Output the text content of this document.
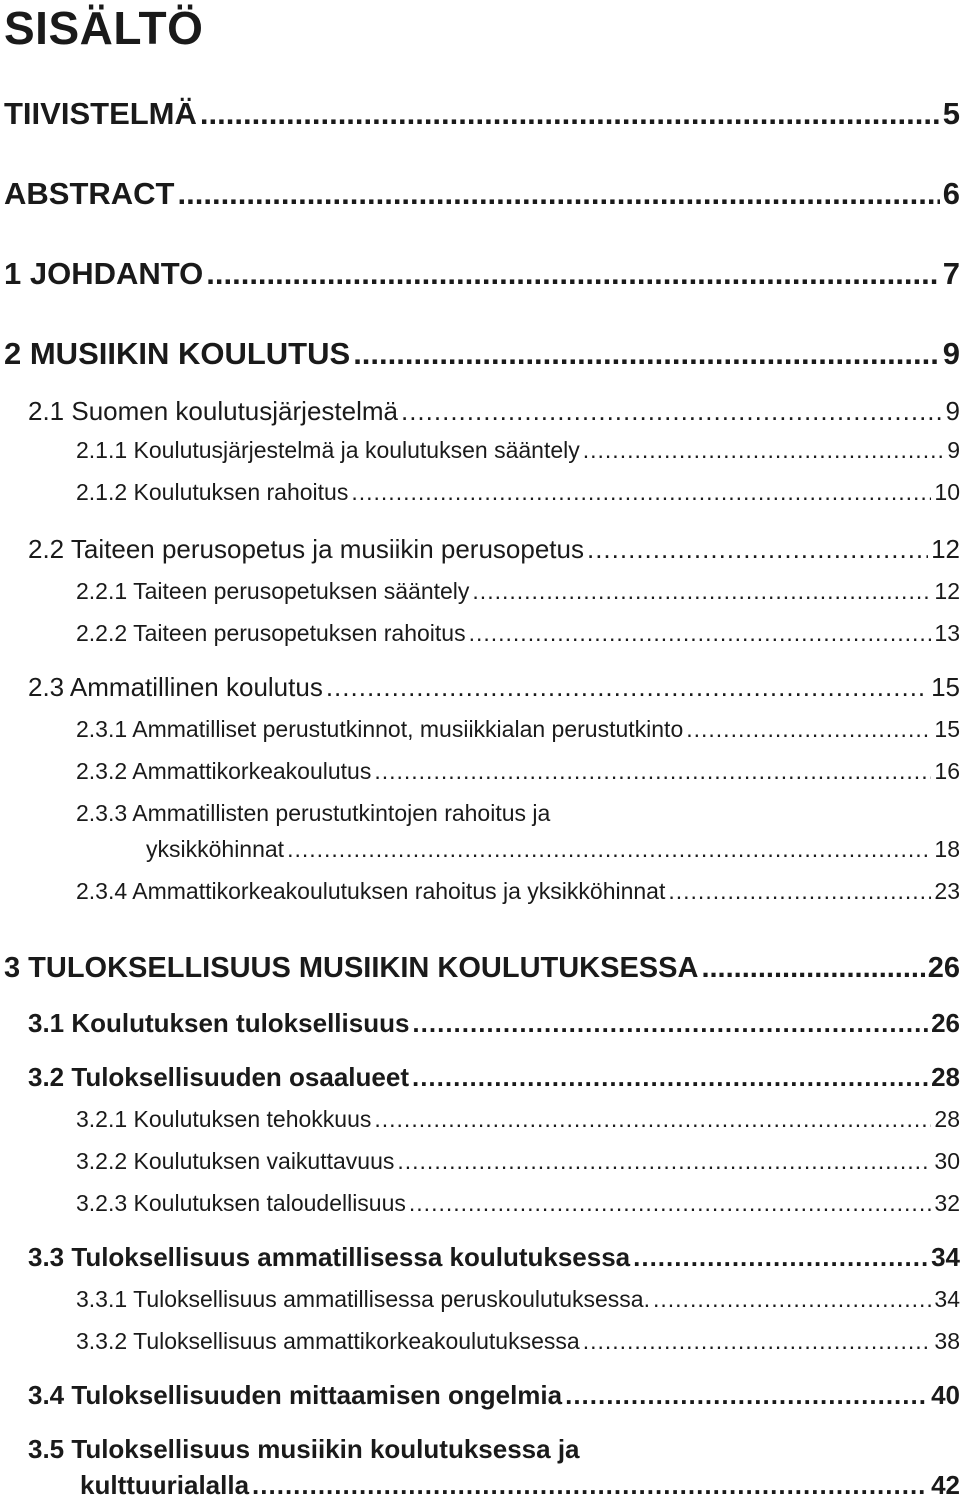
SISÄLTÖ
TIIVISTELMÄ .....	5
ABSTRACT .....	6
1 JOHDANTO .....	7
2 MUSIIKIN KOULUTUS .....	9
2.1 Suomen koulutusjärjestelmä .....	9
2.1.1 Koulutusjärjestelmä ja koulutuksen sääntely .....	9
2.1.2 Koulutuksen rahoitus .....	10
2.2 Taiteen perusopetus ja musiikin perusopetus .....	12
2.2.1 Taiteen perusopetuksen sääntely .....	12
2.2.2 Taiteen perusopetuksen rahoitus .....	13
2.3 Ammatillinen koulutus .....	15
2.3.1 Ammatilliset perustutkinnot, musiikkialan perustutkinto .....	15
2.3.2 Ammattikorkeakoulutus .....	16
2.3.3 Ammatillisten perustutkintojen rahoitus ja
yksikköhinnat .....	18
2.3.4 Ammattikorkeakoulutuksen rahoitus ja yksikköhinnat .....	23
3 TULOKSELLISUUS MUSIIKIN KOULUTUKSESSA .....	26
3.1 Koulutuksen tuloksellisuus .....	26
3.2 Tuloksellisuuden osaalueet .....	28
3.2.1 Koulutuksen tehokkuus .....	28
3.2.2 Koulutuksen vaikuttavuus .....	30
3.2.3 Koulutuksen taloudellisuus .....	32
3.3 Tuloksellisuus ammatillisessa koulutuksessa .....	34
3.3.1 Tuloksellisuus ammatillisessa peruskoulutuksessa. .....	34
3.3.2 Tuloksellisuus ammattikorkeakoulutuksessa .....	38
3.4 Tuloksellisuuden mittaamisen ongelmia .....	40
3.5 Tuloksellisuus musiikin koulutuksessa ja
kulttuurialalla .....	42
